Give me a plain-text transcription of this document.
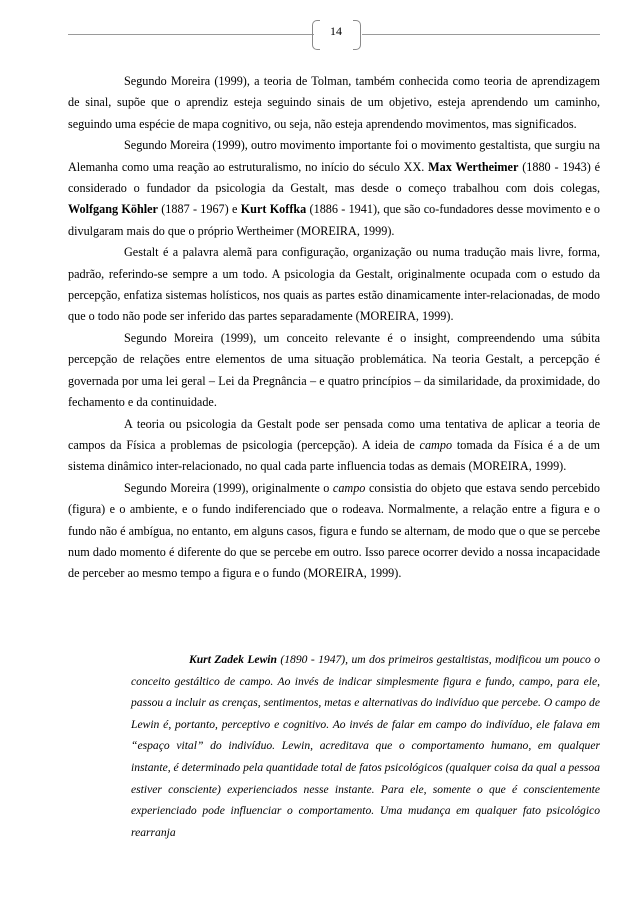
14

Segundo Moreira (1999), a teoria de Tolman, também conhecida como teoria de aprendizagem de sinal, supõe que o aprendiz esteja seguindo sinais de um objetivo, esteja aprendendo um caminho, seguindo uma espécie de mapa cognitivo, ou seja, não esteja aprendendo movimentos, mas significados.

Segundo Moreira (1999), outro movimento importante foi o movimento gestaltista, que surgiu na Alemanha como uma reação ao estruturalismo, no início do século XX. Max Wertheimer (1880 - 1943) é considerado o fundador da psicologia da Gestalt, mas desde o começo trabalhou com dois colegas, Wolfgang Köhler (1887 - 1967) e Kurt Koffka (1886 - 1941), que são co-fundadores desse movimento e o divulgaram mais do que o próprio Wertheimer (MOREIRA, 1999).

Gestalt é a palavra alemã para configuração, organização ou numa tradução mais livre, forma, padrão, referindo-se sempre a um todo. A psicologia da Gestalt, originalmente ocupada com o estudo da percepção, enfatiza sistemas holísticos, nos quais as partes estão dinamicamente inter-relacionadas, de modo que o todo não pode ser inferido das partes separadamente (MOREIRA, 1999).

Segundo Moreira (1999), um conceito relevante é o insight, compreendendo uma súbita percepção de relações entre elementos de uma situação problemática. Na teoria Gestalt, a percepção é governada por uma lei geral – Lei da Pregnância – e quatro princípios – da similaridade, da proximidade, do fechamento e da continuidade.

A teoria ou psicologia da Gestalt pode ser pensada como uma tentativa de aplicar a teoria de campos da Física a problemas de psicologia (percepção). A ideia de campo tomada da Física é a de um sistema dinâmico inter-relacionado, no qual cada parte influencia todas as demais (MOREIRA, 1999).

Segundo Moreira (1999), originalmente o campo consistia do objeto que estava sendo percebido (figura) e o ambiente, e o fundo indiferenciado que o rodeava. Normalmente, a relação entre a figura e o fundo não é ambígua, no entanto, em alguns casos, figura e fundo se alternam, de modo que o que se percebe num dado momento é diferente do que se percebe em outro. Isso parece ocorrer devido a nossa incapacidade de perceber ao mesmo tempo a figura e o fundo (MOREIRA, 1999).

Kurt Zadek Lewin (1890 - 1947), um dos primeiros gestaltistas, modificou um pouco o conceito gestáltico de campo. Ao invés de indicar simplesmente figura e fundo, campo, para ele, passou a incluir as crenças, sentimentos, metas e alternativas do indivíduo que percebe. O campo de Lewin é, portanto, perceptivo e cognitivo. Ao invés de falar em campo do indivíduo, ele falava em “espaço vital” do indivíduo. Lewin, acreditava que o comportamento humano, em qualquer instante, é determinado pela quantidade total de fatos psicológicos (qualquer coisa da qual a pessoa estiver consciente) experienciados nesse instante. Para ele, somente o que é conscientemente experienciado pode influenciar o comportamento. Uma mudança em qualquer fato psicológico rearranja
